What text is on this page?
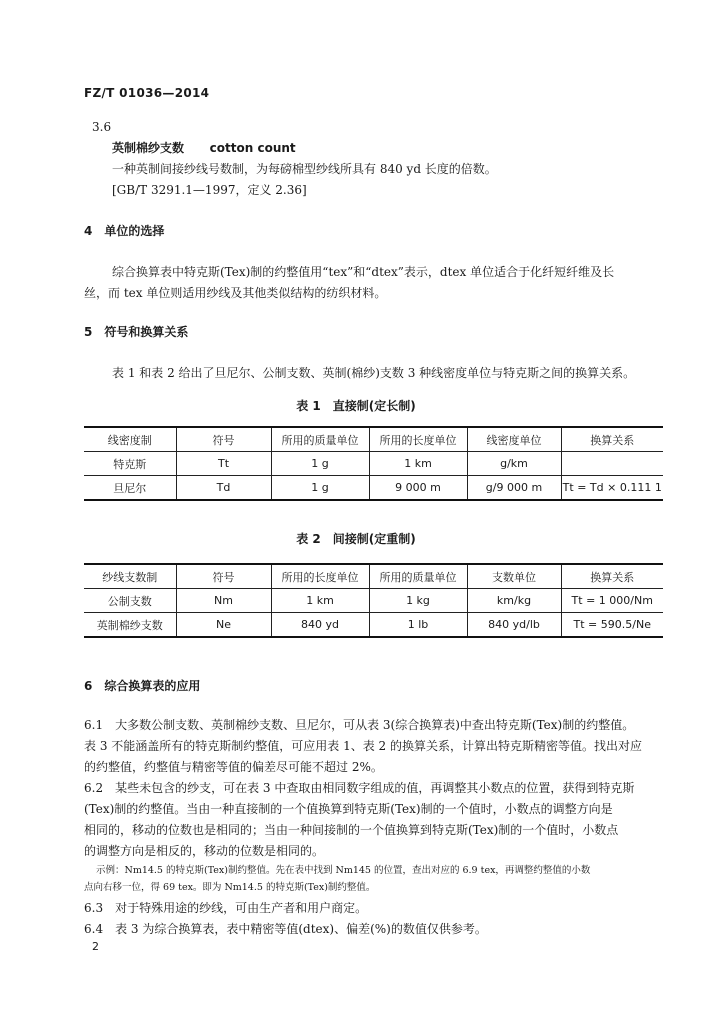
FZ/T 01036—2014
3.6
英制棉纱支数 cotton count
一种英制间接纱线号数制，为每磅棉型纱线所具有 840 yd 长度的倍数。
[GB/T 3291.1—1997，定义 2.36]
4　单位的选择
综合换算表中特克斯(Tex)制的约整值用“tex”和“dtex”表示，dtex 单位适合于化纤短纤维及长
丝，而 tex 单位则适用纱线及其他类似结构的纺织材料。
5　符号和换算关系
表 1 和表 2 给出了旦尼尔、公制支数、英制(棉纱)支数 3 种线密度单位与特克斯之间的换算关系。
表 1　直接制(定长制)
线密度制	符号	所用的质量单位	所用的长度单位	线密度单位	换算关系
特克斯	Tt	1 g	1 km	g/km	
旦尼尔	Td	1 g	9 000 m	g/9 000 m	Tt = Td × 0.111 1
表 2　间接制(定重制)
纱线支数制	符号	所用的长度单位	所用的质量单位	支数单位	换算关系
公制支数	Nm	1 km	1 kg	km/kg	Tt = 1 000/Nm
英制棉纱支数	Ne	840 yd	1 lb	840 yd/lb	Tt = 590.5/Ne
6　综合换算表的应用
6.1　大多数公制支数、英制棉纱支数、旦尼尔，可从表 3(综合换算表)中查出特克斯(Tex)制的约整值。
表 3 不能涵盖所有的特克斯制约整值，可应用表 1、表 2 的换算关系，计算出特克斯精密等值。找出对应
的约整值，约整值与精密等值的偏差尽可能不超过 2%。
6.2　某些未包含的纱支，可在表 3 中查取由相同数字组成的值，再调整其小数点的位置，获得到特克斯
(Tex)制的约整值。当由一种直接制的一个值换算到特克斯(Tex)制的一个值时，小数点的调整方向是
相同的，移动的位数也是相同的；当由一种间接制的一个值换算到特克斯(Tex)制的一个值时，小数点
的调整方向是相反的，移动的位数是相同的。
示例：Nm14.5 的特克斯(Tex)制约整值。先在表中找到 Nm145 的位置，查出对应的 6.9 tex，再调整约整值的小数
点向右移一位，得 69 tex。即为 Nm14.5 的特克斯(Tex)制约整值。
6.3　对于特殊用途的纱线，可由生产者和用户商定。
6.4　表 3 为综合换算表，表中精密等值(dtex)、偏差(%)的数值仅供参考。
2
